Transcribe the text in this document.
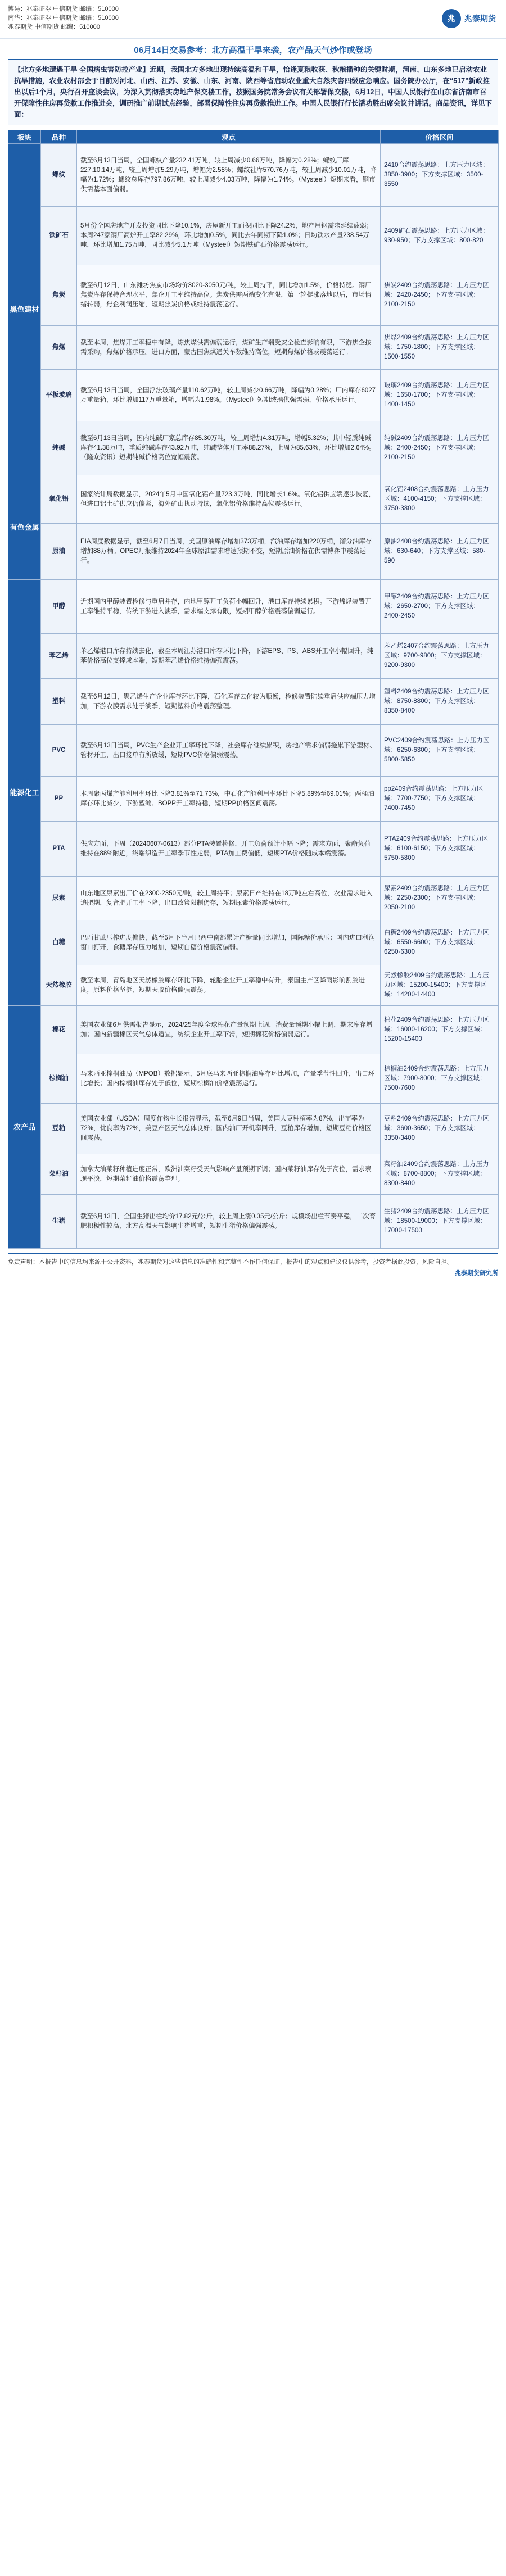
博易：兆泰证券 中信期货 邮编：510000
南华：兆泰证券 中信期货 邮编：510000
兆泰期货 中信期货 邮编：510000
兆	兆泰期货
06月14日交易参考：北方高温干旱来袭，农产品天气炒作或登场
【北方多地遭遇干旱 全国病虫害防控产业】近期，我国北方多地出现持续高温和干旱，恰逢夏粮收获、秋粮播种的关键时期，河南、山东多地已启动农业抗旱措施，农业农村部会于目前对河北、山西、江苏、安徽、山东、河南、陕西等省启动农业重大自然灾害四级应急响应。国务院办公厅，在“517”新政推出以后1个月，央行召开座谈会议，为深入贯彻落实房地产保交楼工作，按照国务院常务会议有关部署保交楼，6月12日，中国人民银行在山东省济南市召开保障性住房再贷款工作推进会，调研推广前期试点经验，部署保障性住房再贷款推进工作。中国人民银行行长潘功胜出席会议并讲话。商品资讯，详见下面：
板块	品种	观点	价格区间
黑色建材	螺纹	截至6月13日当周，全国螺纹产量232.41万吨，较上周减少0.66万吨，降幅为0.28%；螺纹厂库227.10.14万吨，较上周增加5.29万吨，增幅为2.58%；螺纹社库570.76万吨，较上周减少10.01万吨，降幅为1.72%；螺纹总库存797.86万吨，较上周减少4.03万吨，降幅为1.74%。（Mysteel）短期来看，钢市供需基本面偏弱。	2410合约震荡思路：上方压力区域：3850-3900；下方支撑区域：3500-3550
	铁矿石	5月份全国房地产开发投资同比下降10.1%，房屋新开工面积同比下降24.2%，地产用钢需求延续疲弱；本周247家钢厂高炉开工率82.29%，环比增加0.5%，同比去年同期下降1.0%；日均铁水产量238.54万吨，环比增加1.75万吨，同比减少5.1万吨（Mysteel）短期铁矿石价格震荡运行。	2409矿石震荡思路：上方压力区域：930-950；下方支撑区域：800-820
	焦炭	截至6月12日，山东潍坊焦炭市场均价3020-3050元/吨，较上周持平，同比增加1.5%，价格持稳。钢厂焦炭库存保持合理水平，焦企开工率维持高位。焦炭供需两端变化有限，第一轮提涨落地以后，市场情绪转弱，焦企利润压缩，短期焦炭价格或维持震荡运行。	焦炭2409合约震荡思路：上方压力区域：2420-2450；下方支撑区域：2100-2150
	焦煤	截至本周，焦煤开工率稳中有降，炼焦煤供需偏弱运行，煤矿生产端受安全检查影响有限，下游焦企按需采购，焦煤价格承压。进口方面，蒙古国焦煤通关车数维持高位，短期焦煤价格或震荡运行。	焦煤2409合约震荡思路：上方压力区域：1750-1800；下方支撑区域：1500-1550
	平板玻璃	截至6月13日当周，全国浮法玻璃产量110.62万吨，较上周减少0.66万吨，降幅为0.28%；厂内库存6027万重量箱，环比增加117万重量箱，增幅为1.98%。（Mysteel）短期玻璃供强需弱，价格承压运行。	玻璃2409合约震荡思路：上方压力区域：1650-1700；下方支撑区域：1400-1450
	纯碱	截至6月13日当周，国内纯碱厂家总库存85.30万吨，较上周增加4.31万吨，增幅5.32%；其中轻质纯碱库存41.38万吨，重质纯碱库存43.92万吨，纯碱整体开工率88.27%，上周为85.63%，环比增加2.64%。（隆众资讯）短期纯碱价格高位宽幅震荡。	纯碱2409合约震荡思路：上方压力区域：2400-2450；下方支撑区域：2100-2150
有色金属	氧化铝	国家统计局数据显示，2024年5月中国氧化铝产量723.3万吨，同比增长1.6%。氧化铝供应端逐步恢复，但进口铝土矿供应仍偏紧，海外矿山扰动持续，氧化铝价格维持高位震荡运行。	氧化铝2408合约震荡思路：上方压力区域：4100-4150；下方支撑区域：3750-3800
	原油	EIA周度数据显示，截至6月7日当周，美国原油库存增加373万桶，汽油库存增加220万桶，馏分油库存增加88万桶。OPEC月报维持2024年全球原油需求增速预期不变，短期原油价格在供需博弈中震荡运行。	原油2408合约震荡思路：上方压力区域：630-640；下方支撑区域：580-590
能源化工	甲醇	近期国内甲醇装置检修与重启并存，内地甲醇开工负荷小幅回升，港口库存持续累积。下游烯烃装置开工率维持平稳，传统下游进入淡季，需求端支撑有限，短期甲醇价格震荡偏弱运行。	甲醇2409合约震荡思路：上方压力区域：2650-2700；下方支撑区域：2400-2450
	苯乙烯	苯乙烯港口库存持续去化，截至本周江苏港口库存环比下降，下游EPS、PS、ABS开工率小幅回升，纯苯价格高位支撑成本端，短期苯乙烯价格维持偏强震荡。	苯乙烯2407合约震荡思路：上方压力区域：9700-9800；下方支撑区域：9200-9300
	塑料	截至6月12日，聚乙烯生产企业库存环比下降，石化库存去化较为顺畅，检修装置陆续重启供应端压力增加，下游农膜需求处于淡季，短期塑料价格震荡整理。	塑料2409合约震荡思路：上方压力区域：8750-8800；下方支撑区域：8350-8400
	PVC	截至6月13日当周，PVC生产企业开工率环比下降，社会库存继续累积，房地产需求偏弱拖累下游型材、管材开工，出口接单有所放缓，短期PVC价格偏弱震荡。	PVC2409合约震荡思路：上方压力区域：6250-6300；下方支撑区域：5800-5850
	PP	本周聚丙烯产能利用率环比下降3.81%至71.73%，中石化产能利用率环比下降5.89%至69.01%；两桶油库存环比减少，下游塑编、BOPP开工率持稳，短期PP价格区间震荡。	pp2409合约震荡思路：上方压力区域：7700-7750；下方支撑区域：7400-7450
	PTA	供应方面，下周（20240607-0613）部分PTA装置检修，开工负荷预计小幅下降；需求方面，聚酯负荷维持在88%附近，终端织造开工率季节性走弱，PTA加工费偏低，短期PTA价格随成本端震荡。	PTA2409合约震荡思路：上方压力区域：6100-6150；下方支撑区域：5750-5800
	尿素	山东地区尿素出厂价在2300-2350元/吨，较上周持平；尿素日产维持在18万吨左右高位，农业需求进入追肥期，复合肥开工率下降，出口政策限制仍存，短期尿素价格震荡运行。	尿素2409合约震荡思路：上方压力区域：2250-2300；下方支撑区域：2050-2100
	白糖	巴西甘蔗压榨进度偏快，截至5月下半月巴西中南部累计产糖量同比增加，国际糖价承压；国内进口利润窗口打开，食糖库存压力增加，短期白糖价格震荡偏弱。	白糖2409合约震荡思路：上方压力区域：6550-6600；下方支撑区域：6250-6300
	天然橡胶	截至本周，青岛地区天然橡胶库存环比下降，轮胎企业开工率稳中有升，泰国主产区降雨影响割胶进度，原料价格坚挺，短期天胶价格偏强震荡。	天然橡胶2409合约震荡思路：上方压力区域：15200-15400；下方支撑区域：14200-14400
农产品	棉花	美国农业部6月供需报告显示，2024/25年度全球棉花产量预期上调，消费量预期小幅上调，期末库存增加；国内新疆棉区天气总体适宜，纺织企业开工率下滑，短期棉花价格偏弱运行。	棉花2409合约震荡思路：上方压力区域：16000-16200；下方支撑区域：15200-15400
	棕榈油	马来西亚棕榈油局（MPOB）数据显示，5月底马来西亚棕榈油库存环比增加，产量季节性回升，出口环比增长；国内棕榈油库存处于低位，短期棕榈油价格震荡运行。	棕榈油2409合约震荡思路：上方压力区域：7900-8000；下方支撑区域：7500-7600
	豆粕	美国农业部（USDA）周度作物生长报告显示，截至6月9日当周，美国大豆种植率为87%，出苗率为72%，优良率为72%，美豆产区天气总体良好；国内油厂开机率回升，豆粕库存增加，短期豆粕价格区间震荡。	豆粕2409合约震荡思路：上方压力区域：3600-3650；下方支撑区域：3350-3400
	菜籽油	加拿大油菜籽种植进度正常，欧洲油菜籽受天气影响产量预期下调；国内菜籽油库存处于高位，需求表现平淡，短期菜籽油价格震荡整理。	菜籽油2409合约震荡思路：上方压力区域：8700-8800；下方支撑区域：8300-8400
	生猪	截至6月13日，全国生猪出栏均价17.82元/公斤，较上周上涨0.35元/公斤；规模场出栏节奏平稳，二次育肥积极性较高，北方高温天气影响生猪增重，短期生猪价格偏强震荡。	生猪2409合约震荡思路：上方压力区域：18500-19000；下方支撑区域：17000-17500
免责声明：本报告中的信息均来源于公开资料，兆泰期货对这些信息的准确性和完整性不作任何保证，报告中的观点和建议仅供参考，投资者据此投资，风险自担。
兆泰期货研究所
